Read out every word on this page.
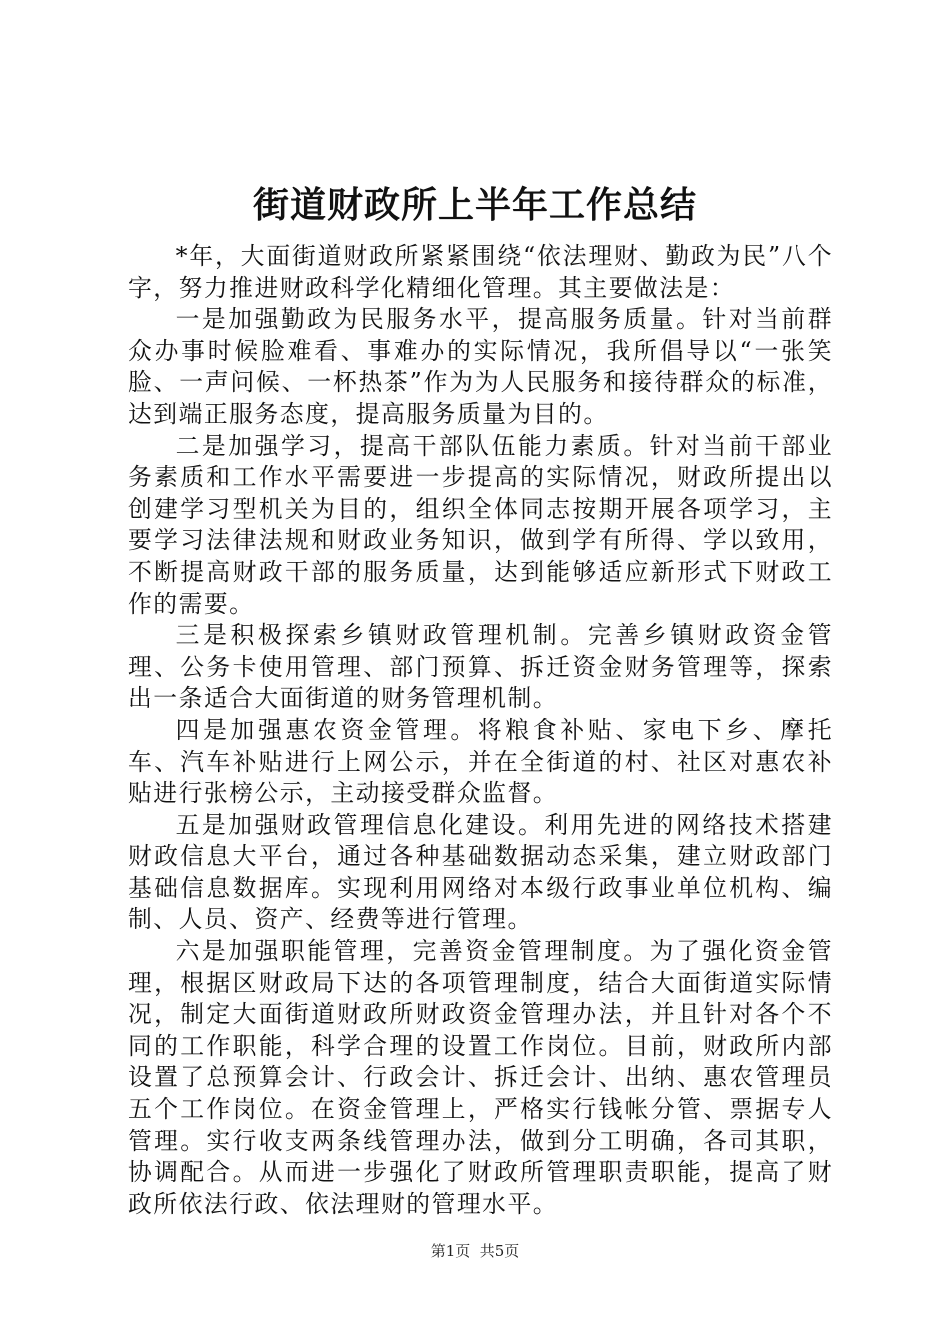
街道财政所上半年工作总结

*年，大面街道财政所紧紧围绕“依法理财、勤政为民”八个字，努力推进财政科学化精细化管理。其主要做法是：

一是加强勤政为民服务水平，提高服务质量。针对当前群众办事时候脸难看、事难办的实际情况，我所倡导以“一张笑脸、一声问候、一杯热茶”作为为人民服务和接待群众的标准，达到端正服务态度，提高服务质量为目的。

二是加强学习，提高干部队伍能力素质。针对当前干部业务素质和工作水平需要进一步提高的实际情况，财政所提出以创建学习型机关为目的，组织全体同志按期开展各项学习，主要学习法律法规和财政业务知识，做到学有所得、学以致用，不断提高财政干部的服务质量，达到能够适应新形式下财政工作的需要。

三是积极探索乡镇财政管理机制。完善乡镇财政资金管理、公务卡使用管理、部门预算、拆迁资金财务管理等，探索出一条适合大面街道的财务管理机制。

四是加强惠农资金管理。将粮食补贴、家电下乡、摩托车、汽车补贴进行上网公示，并在全街道的村、社区对惠农补贴进行张榜公示，主动接受群众监督。

五是加强财政管理信息化建设。利用先进的网络技术搭建财政信息大平台，通过各种基础数据动态采集，建立财政部门基础信息数据库。实现利用网络对本级行政事业单位机构、编制、人员、资产、经费等进行管理。

六是加强职能管理，完善资金管理制度。为了强化资金管理，根据区财政局下达的各项管理制度，结合大面街道实际情况，制定大面街道财政所财政资金管理办法，并且针对各个不同的工作职能，科学合理的设置工作岗位。目前，财政所内部设置了总预算会计、行政会计、拆迁会计、出纳、惠农管理员五个工作岗位。在资金管理上，严格实行钱帐分管、票据专人管理。实行收支两条线管理办法，做到分工明确，各司其职，协调配合。从而进一步强化了财政所管理职责职能，提高了财政所依法行政、依法理财的管理水平。

第1页  共5页
